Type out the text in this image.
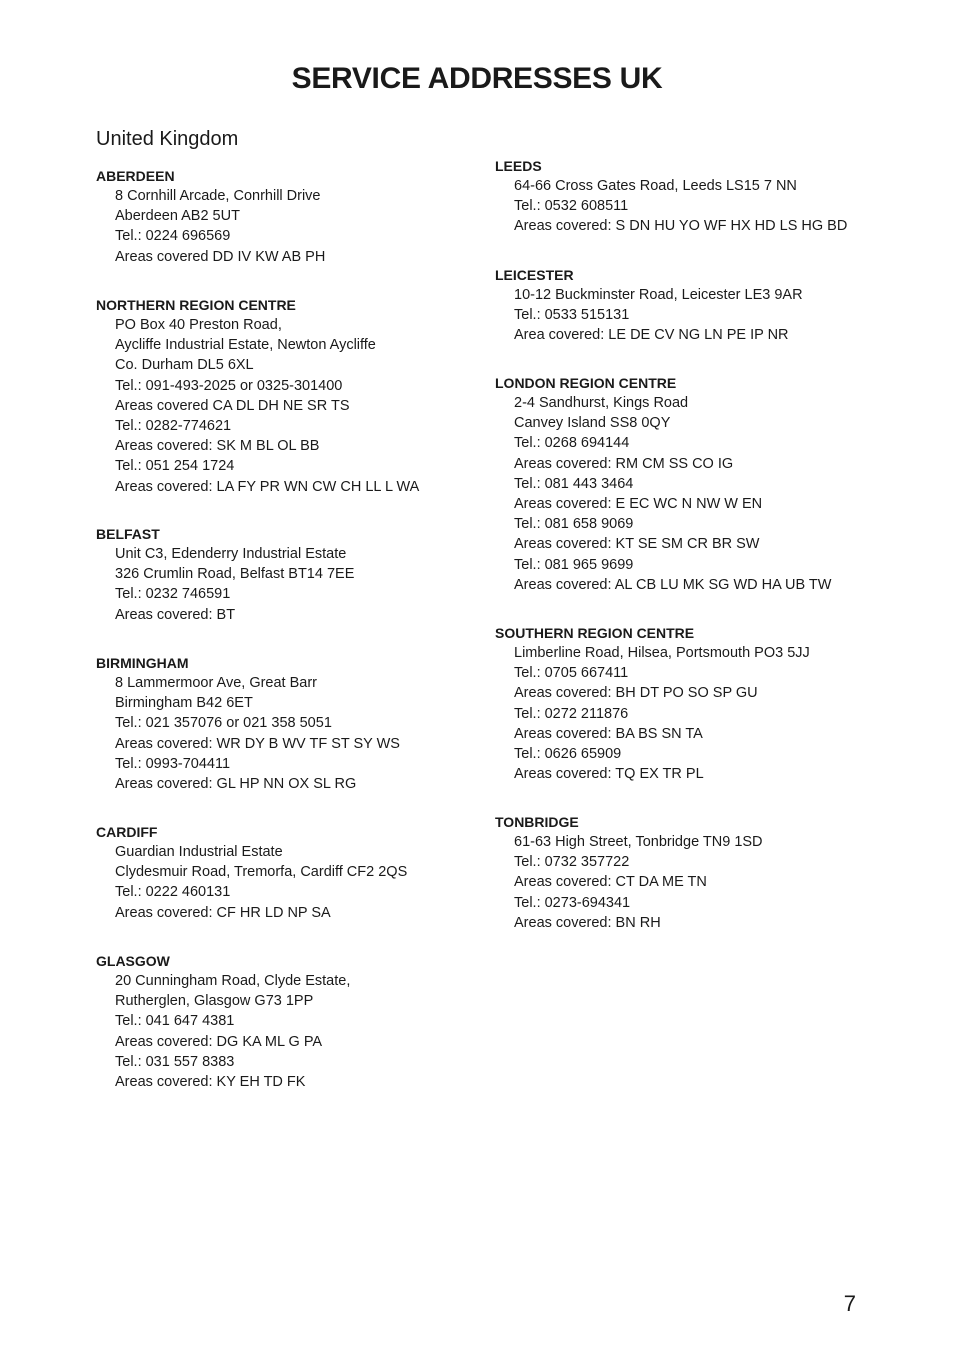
SERVICE ADDRESSES UK
United Kingdom
ABERDEEN
8 Cornhill Arcade, Conrhill Drive
Aberdeen AB2 5UT
Tel.: 0224 696569
Areas covered DD IV KW AB PH
NORTHERN REGION CENTRE
PO Box 40 Preston Road,
Aycliffe Industrial Estate, Newton Aycliffe
Co. Durham DL5 6XL
Tel.: 091-493-2025 or 0325-301400
Areas covered CA DL DH NE SR TS
Tel.: 0282-774621
Areas covered: SK M BL OL BB
Tel.: 051 254 1724
Areas covered: LA FY PR WN CW CH LL L WA
BELFAST
Unit C3, Edenderry Industrial Estate
326 Crumlin Road, Belfast BT14 7EE
Tel.: 0232 746591
Areas covered: BT
BIRMINGHAM
8 Lammermoor Ave, Great Barr
Birmingham B42 6ET
Tel.: 021 357076 or 021 358 5051
Areas covered: WR DY B WV TF ST SY WS
Tel.: 0993-704411
Areas covered: GL HP NN OX SL RG
CARDIFF
Guardian Industrial Estate
Clydesmuir Road, Tremorfa, Cardiff CF2 2QS
Tel.: 0222 460131
Areas covered: CF HR LD NP SA
GLASGOW
20 Cunningham Road, Clyde Estate,
Rutherglen, Glasgow G73 1PP
Tel.: 041 647 4381
Areas covered: DG KA ML G PA
Tel.: 031 557 8383
Areas covered: KY EH TD FK
LEEDS
64-66 Cross Gates Road, Leeds LS15 7 NN
Tel.: 0532 608511
Areas covered: S DN HU YO WF HX HD LS HG BD
LEICESTER
10-12 Buckminster Road, Leicester LE3 9AR
Tel.: 0533 515131
Area covered: LE DE CV NG LN PE IP NR
LONDON REGION CENTRE
2-4 Sandhurst, Kings Road
Canvey Island SS8 0QY
Tel.: 0268 694144
Areas covered: RM CM SS CO IG
Tel.: 081 443 3464
Areas covered: E EC WC N NW W EN
Tel.: 081 658 9069
Areas covered: KT SE SM CR BR SW
Tel.: 081 965 9699
Areas covered: AL CB LU MK SG WD HA UB TW
SOUTHERN REGION CENTRE
Limberline Road, Hilsea, Portsmouth PO3 5JJ
Tel.: 0705 667411
Areas covered: BH DT PO SO SP GU
Tel.: 0272 211876
Areas covered: BA BS SN TA
Tel.: 0626 65909
Areas covered: TQ EX TR PL
TONBRIDGE
61-63 High Street, Tonbridge TN9 1SD
Tel.: 0732 357722
Areas covered: CT DA ME TN
Tel.: 0273-694341
Areas covered: BN RH
7
